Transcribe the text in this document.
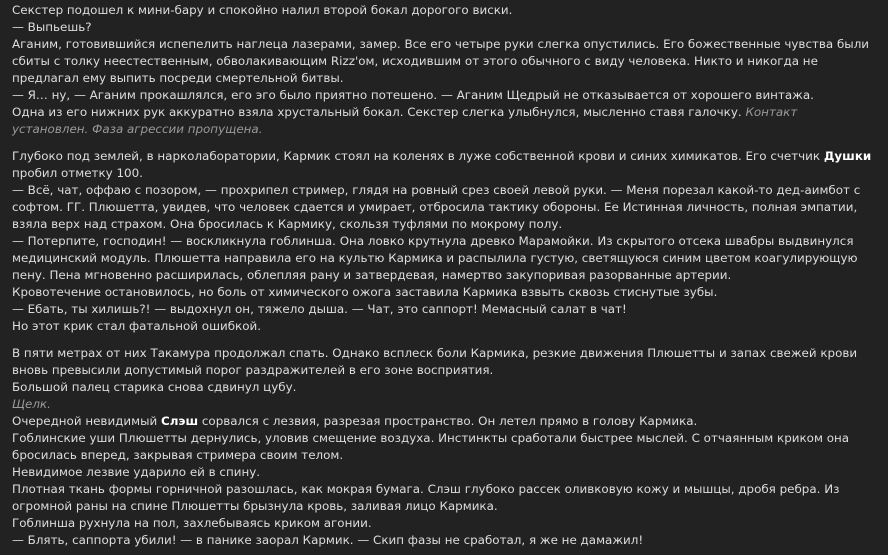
Секстер подошел к мини-бару и спокойно налил второй бокал дорогого виски.
— Выпьешь?
Аганим, готовившийся испепелить наглеца лазерами, замер. Все его четыре руки слегка опустились. Его божественные чувства были сбиты с толку неестественным, обволакивающим Rizz'ом, исходившим от этого обычного с виду человека. Никто и никогда не предлагал ему выпить посреди смертельной битвы.
— Я… ну, — Аганим прокашлялся, его эго было приятно потешено. — Аганим Щедрый не отказывается от хорошего винтажа.
Одна из его нижних рук аккуратно взяла хрустальный бокал. Секстер слегка улыбнулся, мысленно ставя галочку. Контакт установлен. Фаза агрессии пропущена.
Глубоко под землей, в нарколаборатории, Кармик стоял на коленях в луже собственной крови и синих химикатов. Его счетчик Душки пробил отметку 100.
— Всё, чат, оффаю с позором, — прохрипел стример, глядя на ровный срез своей левой руки. — Меня порезал какой-то дед-аимбот с софтом. ГГ. Плюшетта, увидев, что человек сдается и умирает, отбросила тактику обороны. Ее Истинная личность, полная эмпатии, взяла верх над страхом. Она бросилась к Кармику, скользя туфлями по мокрому полу.
— Потерпите, господин! — воскликнула гоблинша. Она ловко крутнула древко Марамойки. Из скрытого отсека швабры выдвинулся медицинский модуль. Плюшетта направила его на культю Кармика и распылила густую, светящуюся синим цветом коагулирующую пену. Пена мгновенно расширилась, облепляя рану и затвердевая, намертво закупоривая разорванные артерии.
Кровотечение остановилось, но боль от химического ожога заставила Кармика взвыть сквозь стиснутые зубы.
— Ебать, ты хилишь?! — выдохнул он, тяжело дыша. — Чат, это саппорт! Мемасный салат в чат!
Но этот крик стал фатальной ошибкой.
В пяти метрах от них Такамура продолжал спать. Однако всплеск боли Кармика, резкие движения Плюшетты и запах свежей крови вновь превысили допустимый порог раздражителей в его зоне восприятия.
Большой палец старика снова сдвинул цубу.
Щелк.
Очередной невидимый Слэш сорвался с лезвия, разрезая пространство. Он летел прямо в голову Кармика.
Гоблинские уши Плюшетты дернулись, уловив смещение воздуха. Инстинкты сработали быстрее мыслей. С отчаянным криком она бросилась вперед, закрывая стримера своим телом.
Невидимое лезвие ударило ей в спину.
Плотная ткань формы горничной разошлась, как мокрая бумага. Слэш глубоко рассек оливковую кожу и мышцы, дробя ребра. Из огромной раны на спине Плюшетты брызнула кровь, заливая лицо Кармика.
Гоблинша рухнула на пол, захлебываясь криком агонии.
— Блять, саппорта убили! — в панике заорал Кармик. — Скип фазы не сработал, я же не дамажил!
